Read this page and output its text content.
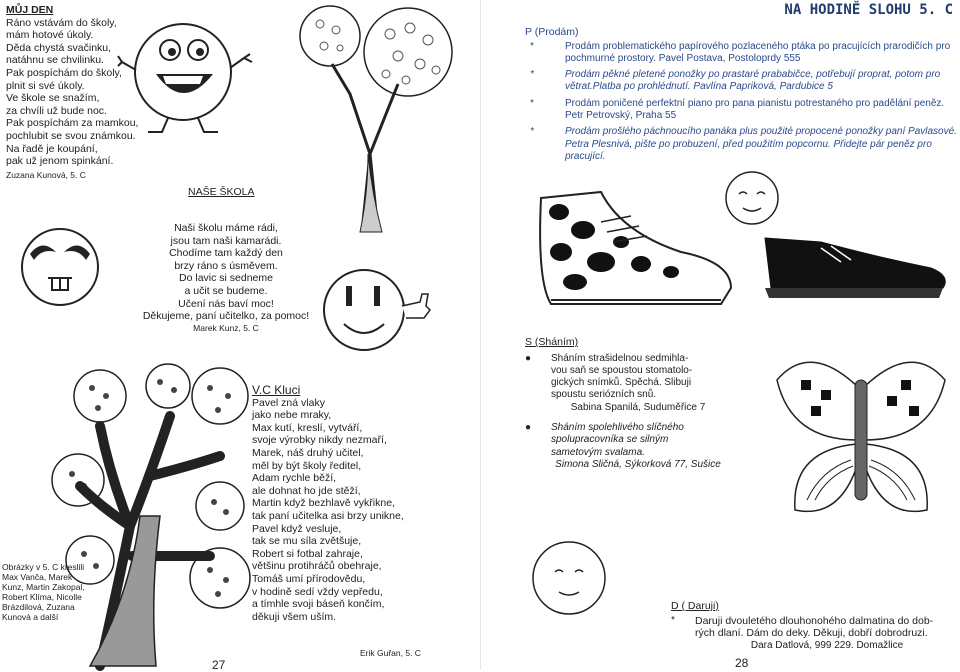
MŮJ DEN

Ráno vstávám do školy,

mám hotové úkoly.

Děda chystá svačinku,

natáhnu se chvilinku.

Pak pospíchám do školy,

plnit si své úkoly.

Ve škole se snažím,

za chvíli už bude noc.

Pak pospíchám za mamkou,

pochlubit se svou známkou.

Na řadě je koupání,

pak už jenom spinkání.

Zuzana Kunová, 5. C

NAŠE ŠKOLA

Naši školu máme rádi,

jsou tam naši kamarádi.

Chodíme tam každý den

brzy ráno s úsměvem.

Do lavic si sedneme

a učit se budeme.

Učení nás baví moc!

Děkujeme, paní učitelko, za pomoc!

Marek Kunz, 5. C

V.C Kluci

Pavel zná vlaky

jako nebe mraky,

Max kutí, kreslí, vytváří,

svoje výrobky nikdy nezmaří,

Marek, náš druhý učitel,

měl by být školy ředitel,

Adam rychle běží,

ale dohnat ho jde stěží,

Martin když bezhlavě vykřikne,

tak paní učitelka asi brzy unikne,

Pavel když vesluje,

tak se mu síla zvětšuje,

Robert si fotbal zahraje,

většinu protihráčů obehraje,

Tomáš umí přírodovědu,

v hodině sedí vždy vepředu,

a tímhle svoji báseň končím,

děkuji všem uším.

Erik Guřan, 5. C

Obrázky v 5. C kreslili

Max Vanča, Marek

Kunz, Martin Zakopal,

Robert Klíma, Nicolle

Brázdilová, Zuzana

Kunová a další

27

NA HODINĚ SLOHU 5. C

P (Prodám)

*	Prodám problematického papírového pozlaceného ptáka po pracujících prarodičích pro pochmurné prostory. Pavel Postava, Postoloprdy 555
*	Prodám pěkné pletené ponožky po prastaré prababičce, potřebují proprat, potom pro větrat.Platba po prohlédnutí. Pavlína Papriková, Pardubice 5
*	Prodám poničené perfektní piano pro pana pianistu potrestaného pro padělání peněz. Petr Petrovský, Praha 55
*	Prodám prošlého páchnoucího panáka plus použité propocené ponožky paní Pavlasové. Petra Plesnivá, pište po probuzení, před použitím popcornu. Přidejte pár peněz pro pracující.

S (Sháním)

● Sháním strašidelnou sedmihla-
vou saň se spoustou stomatolo-
gických snímků. Spěchá. Slibuji
spoustu seriózních snů.
Sabina Spanilá, Suduměřice 7
● Sháním spolehlivého slíčného
spolupracovníka se silným
sametovým svalama.
Simona Sličná, Sýkorková 77, Sušice

D ( Daruji)

* Daruji dvouletého dlouhonohého dalmatina do dob-

rých dlaní. Dám do deky. Děkuji, dobří dobrodruzi.

Dara Datlová, 999 229. Domažlice
28
